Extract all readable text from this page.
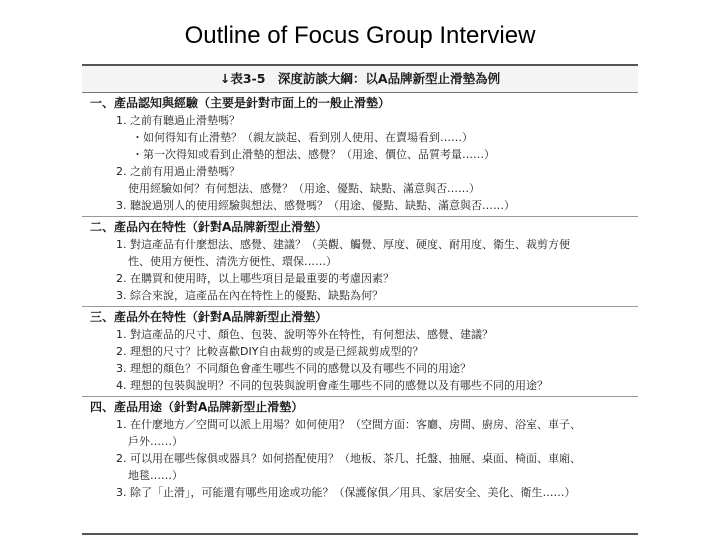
Outline of Focus Group Interview
↓表3-5　深度訪談大綱：以A品牌新型止滑墊為例
一、產品認知與經驗（主要是針對市面上的一般止滑墊）
1. 之前有聽過止滑墊嗎？
・如何得知有止滑墊？（親友談起、看到別人使用、在賣場看到……）
・第一次得知或看到止滑墊的想法、感覺？（用途、價位、品質考量……）
2. 之前有用過止滑墊嗎？
使用經驗如何？有何想法、感覺？（用途、優點、缺點、滿意與否……）
3. 聽說過別人的使用經驗與想法、感覺嗎？（用途、優點、缺點、滿意與否……）
二、產品內在特性（針對A品牌新型止滑墊）
1. 對這產品有什麼想法、感覺、建議？（美觀、觸覺、厚度、硬度、耐用度、衛生、裁剪方便
性、使用方便性、清洗方便性、環保……）
2. 在購買和使用時，以上哪些項目是最重要的考慮因素？
3. 綜合來說，這產品在內在特性上的優點、缺點為何？
三、產品外在特性（針對A品牌新型止滑墊）
1. 對這產品的尺寸、顏色、包裝、說明等外在特性，有何想法、感覺、建議？
2. 理想的尺寸？比較喜歡DIY自由裁剪的或是已經裁剪成型的？
3. 理想的顏色？不同顏色會產生哪些不同的感覺以及有哪些不同的用途？
4. 理想的包裝與說明？不同的包裝與說明會產生哪些不同的感覺以及有哪些不同的用途？
四、產品用途（針對A品牌新型止滑墊）
1. 在什麼地方／空間可以派上用場？如何使用？（空間方面：客廳、房間、廚房、浴室、車子、
戶外……）
2. 可以用在哪些傢俱或器具？如何搭配使用？（地板、茶几、托盤、抽屜、桌面、椅面、車廂、
地毯……）
3. 除了「止滑」，可能還有哪些用途或功能？（保護傢俱／用具、家居安全、美化、衛生……）
